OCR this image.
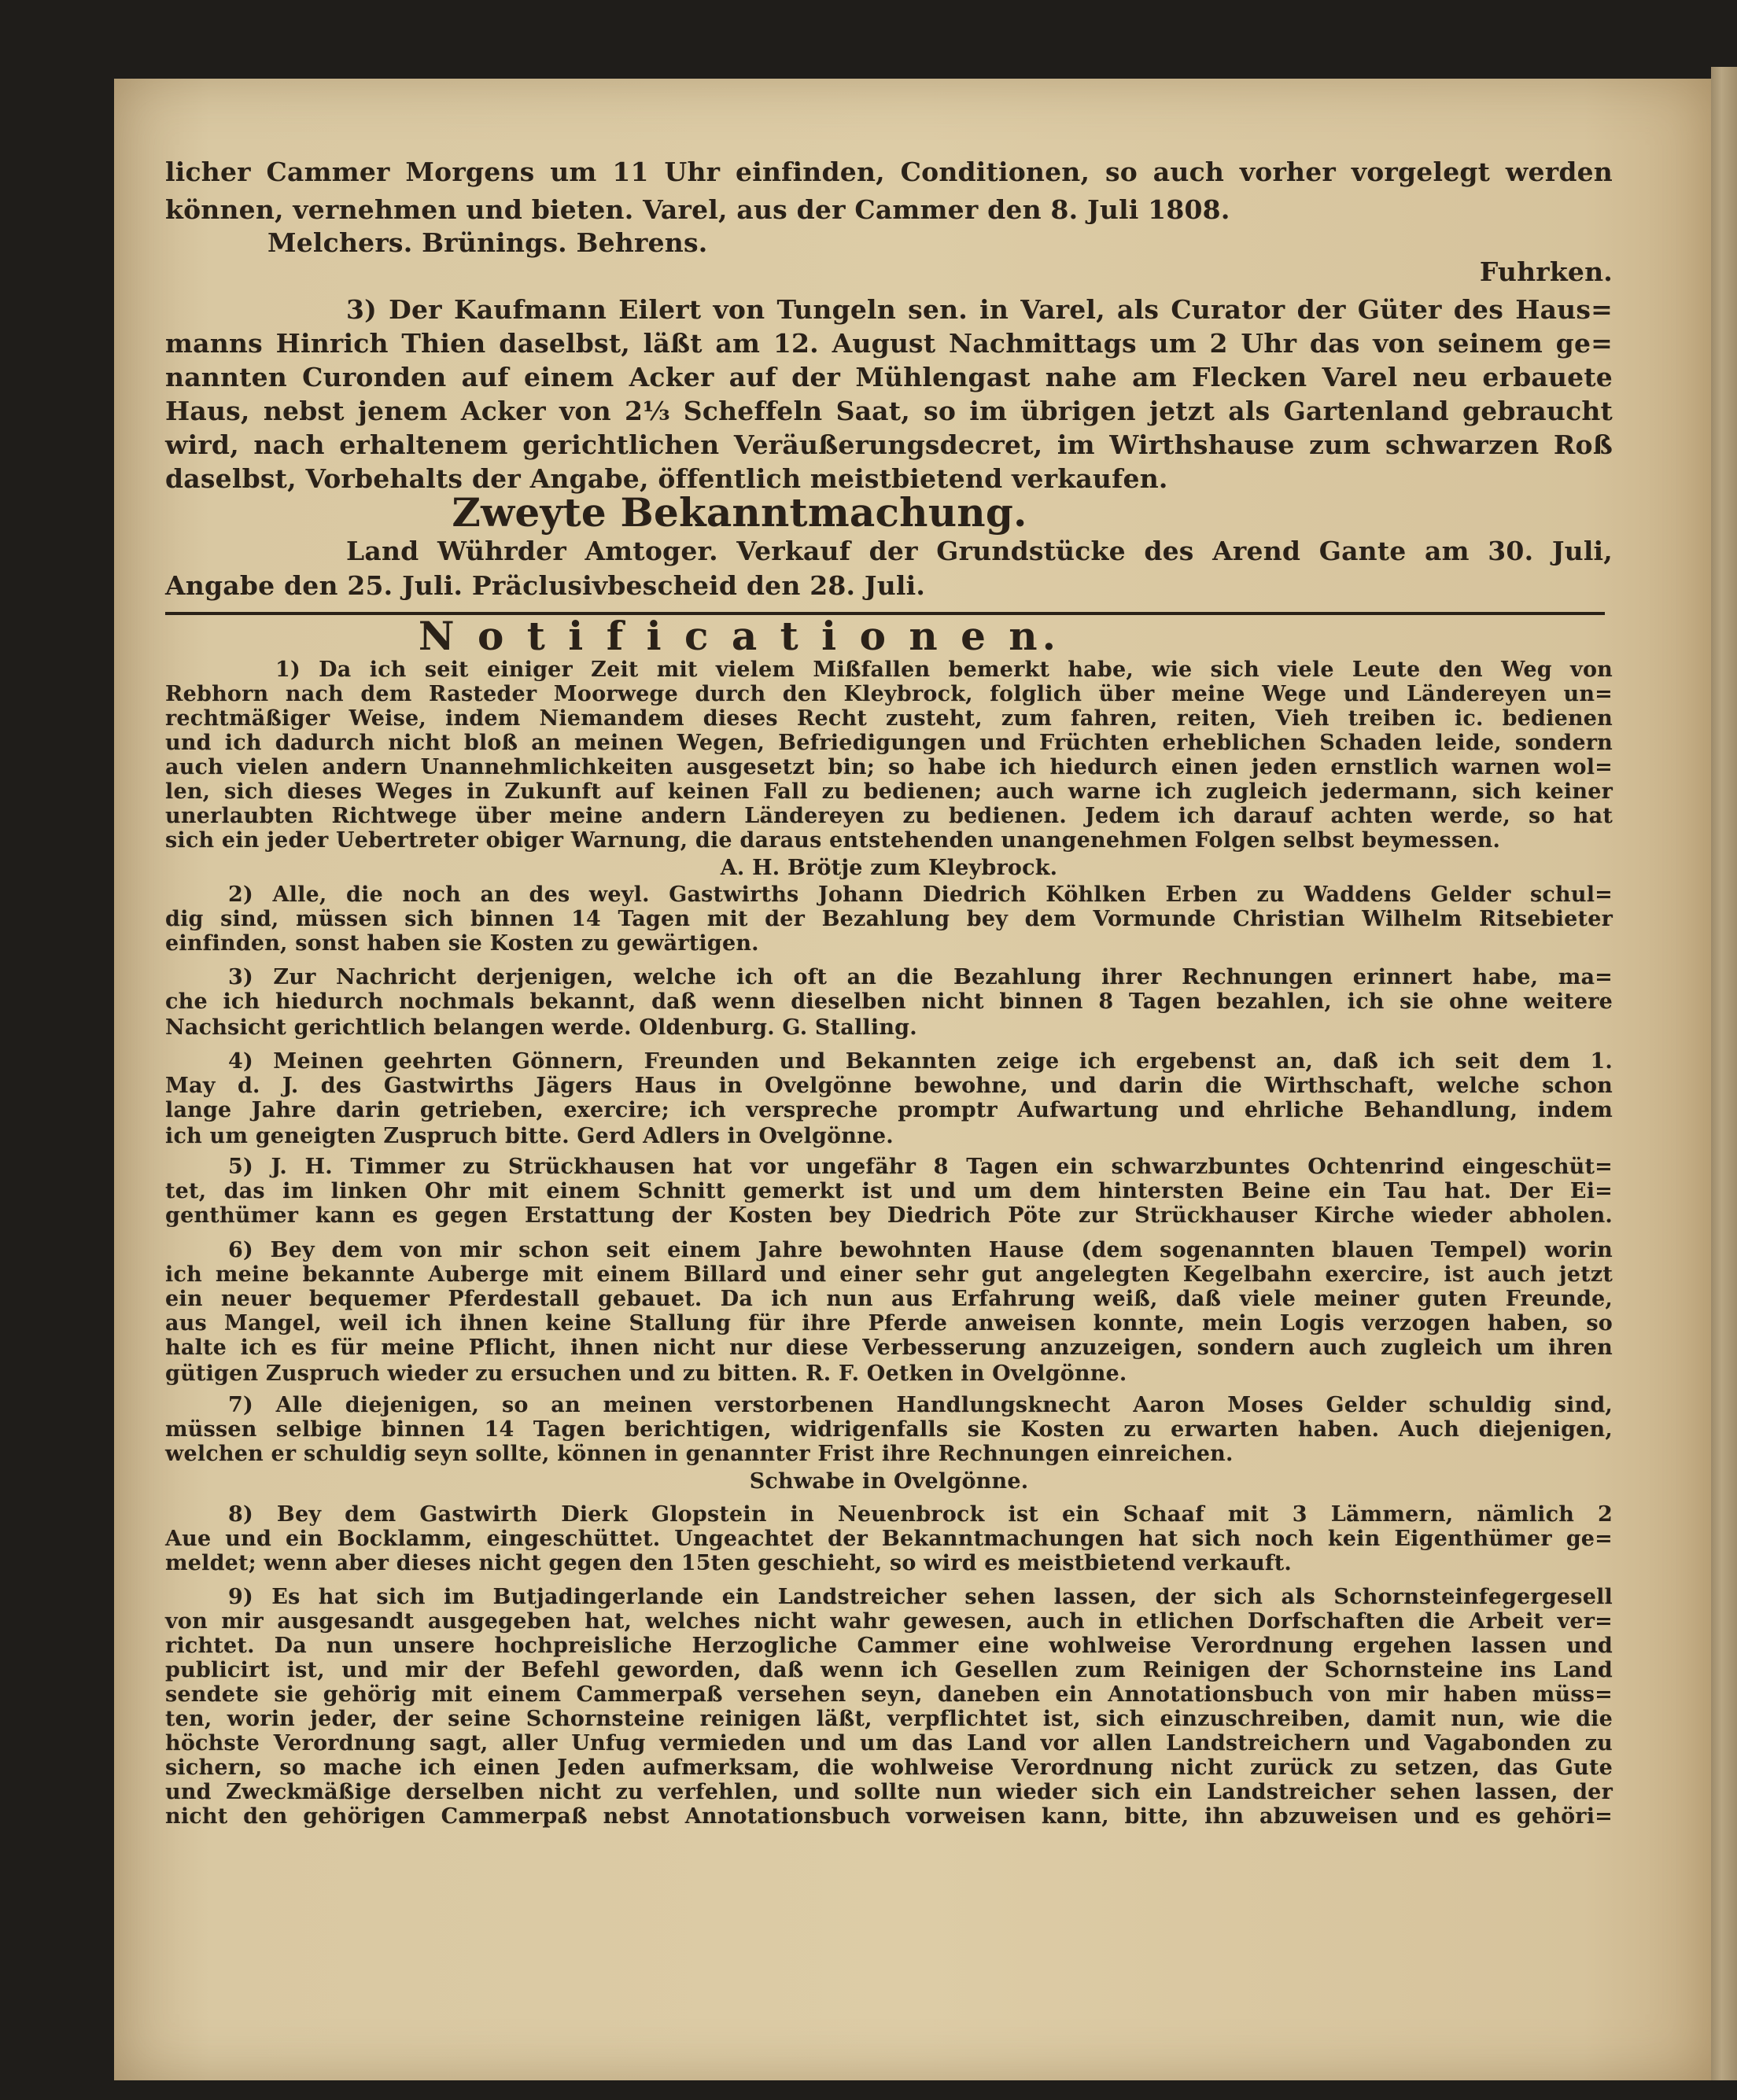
licher Cammer Morgens um 11 Uhr einfinden, Conditionen, so auch vorher vorgelegt werden
können, vernehmen und bieten. Varel, aus der Cammer den 8. Juli 1808.
Melchers. Brünings. Behrens.
Fuhrken.
3) Der Kaufmann Eilert von Tungeln sen. in Varel, als Curator der Güter des Haus=
manns Hinrich Thien daselbst, läßt am 12. August Nachmittags um 2 Uhr das von seinem ge=
nannten Curonden auf einem Acker auf der Mühlengast nahe am Flecken Varel neu erbauete
Haus, nebst jenem Acker von 2⅓ Scheffeln Saat, so im übrigen jetzt als Gartenland gebraucht
wird, nach erhaltenem gerichtlichen Veräußerungsdecret, im Wirthshause zum schwarzen Roß
daselbst, Vorbehalts der Angabe, öffentlich meistbietend verkaufen.
Zweyte Bekanntmachung.
Land Wührder Amtoger. Verkauf der Grundstücke des Arend Gante am 30. Juli,
Angabe den 25. Juli. Präclusivbescheid den 28. Juli.
N o t i f i c a t i o n e n.
1) Da ich seit einiger Zeit mit vielem Mißfallen bemerkt habe, wie sich viele Leute den Weg von
Rebhorn nach dem Rasteder Moorwege durch den Kleybrock, folglich über meine Wege und Ländereyen un=
rechtmäßiger Weise, indem Niemandem dieses Recht zusteht, zum fahren, reiten, Vieh treiben ic. bedienen
und ich dadurch nicht bloß an meinen Wegen, Befriedigungen und Früchten erheblichen Schaden leide, sondern
auch vielen andern Unannehmlichkeiten ausgesetzt bin; so habe ich hiedurch einen jeden ernstlich warnen wol=
len, sich dieses Weges in Zukunft auf keinen Fall zu bedienen; auch warne ich zugleich jedermann, sich keiner
unerlaubten Richtwege über meine andern Ländereyen zu bedienen. Jedem ich darauf achten werde, so hat
sich ein jeder Uebertreter obiger Warnung, die daraus entstehenden unangenehmen Folgen selbst beymessen.
A. H. Brötje zum Kleybrock.
2) Alle, die noch an des weyl. Gastwirths Johann Diedrich Köhlken Erben zu Waddens Gelder schul=
dig sind, müssen sich binnen 14 Tagen mit der Bezahlung bey dem Vormunde Christian Wilhelm Ritsebieter
einfinden, sonst haben sie Kosten zu gewärtigen.
3) Zur Nachricht derjenigen, welche ich oft an die Bezahlung ihrer Rechnungen erinnert habe, ma=
che ich hiedurch nochmals bekannt, daß wenn dieselben nicht binnen 8 Tagen bezahlen, ich sie ohne weitere
Nachsicht gerichtlich belangen werde. Oldenburg. G. Stalling.
4) Meinen geehrten Gönnern, Freunden und Bekannten zeige ich ergebenst an, daß ich seit dem 1.
May d. J. des Gastwirths Jägers Haus in Ovelgönne bewohne, und darin die Wirthschaft, welche schon
lange Jahre darin getrieben, exercire; ich verspreche promptr Aufwartung und ehrliche Behandlung, indem
ich um geneigten Zuspruch bitte. Gerd Adlers in Ovelgönne.
5) J. H. Timmer zu Strückhausen hat vor ungefähr 8 Tagen ein schwarzbuntes Ochtenrind eingeschüt=
tet, das im linken Ohr mit einem Schnitt gemerkt ist und um dem hintersten Beine ein Tau hat. Der Ei=
genthümer kann es gegen Erstattung der Kosten bey Diedrich Pöte zur Strückhauser Kirche wieder abholen.
6) Bey dem von mir schon seit einem Jahre bewohnten Hause (dem sogenannten blauen Tempel) worin
ich meine bekannte Auberge mit einem Billard und einer sehr gut angelegten Kegelbahn exercire, ist auch jetzt
ein neuer bequemer Pferdestall gebauet. Da ich nun aus Erfahrung weiß, daß viele meiner guten Freunde,
aus Mangel, weil ich ihnen keine Stallung für ihre Pferde anweisen konnte, mein Logis verzogen haben, so
halte ich es für meine Pflicht, ihnen nicht nur diese Verbesserung anzuzeigen, sondern auch zugleich um ihren
gütigen Zuspruch wieder zu ersuchen und zu bitten. R. F. Oetken in Ovelgönne.
7) Alle diejenigen, so an meinen verstorbenen Handlungsknecht Aaron Moses Gelder schuldig sind,
müssen selbige binnen 14 Tagen berichtigen, widrigenfalls sie Kosten zu erwarten haben. Auch diejenigen,
welchen er schuldig seyn sollte, können in genannter Frist ihre Rechnungen einreichen.
Schwabe in Ovelgönne.
8) Bey dem Gastwirth Dierk Glopstein in Neuenbrock ist ein Schaaf mit 3 Lämmern, nämlich 2
Aue und ein Bocklamm, eingeschüttet. Ungeachtet der Bekanntmachungen hat sich noch kein Eigenthümer ge=
meldet; wenn aber dieses nicht gegen den 15ten geschieht, so wird es meistbietend verkauft.
9) Es hat sich im Butjadingerlande ein Landstreicher sehen lassen, der sich als Schornsteinfegergesell
von mir ausgesandt ausgegeben hat, welches nicht wahr gewesen, auch in etlichen Dorfschaften die Arbeit ver=
richtet. Da nun unsere hochpreisliche Herzogliche Cammer eine wohlweise Verordnung ergehen lassen und
publicirt ist, und mir der Befehl geworden, daß wenn ich Gesellen zum Reinigen der Schornsteine ins Land
sendete sie gehörig mit einem Cammerpaß versehen seyn, daneben ein Annotationsbuch von mir haben müss=
ten, worin jeder, der seine Schornsteine reinigen läßt, verpflichtet ist, sich einzuschreiben, damit nun, wie die
höchste Verordnung sagt, aller Unfug vermieden und um das Land vor allen Landstreichern und Vagabonden zu
sichern, so mache ich einen Jeden aufmerksam, die wohlweise Verordnung nicht zurück zu setzen, das Gute
und Zweckmäßige derselben nicht zu verfehlen, und sollte nun wieder sich ein Landstreicher sehen lassen, der
nicht den gehörigen Cammerpaß nebst Annotationsbuch vorweisen kann, bitte, ihn abzuweisen und es gehöri=
